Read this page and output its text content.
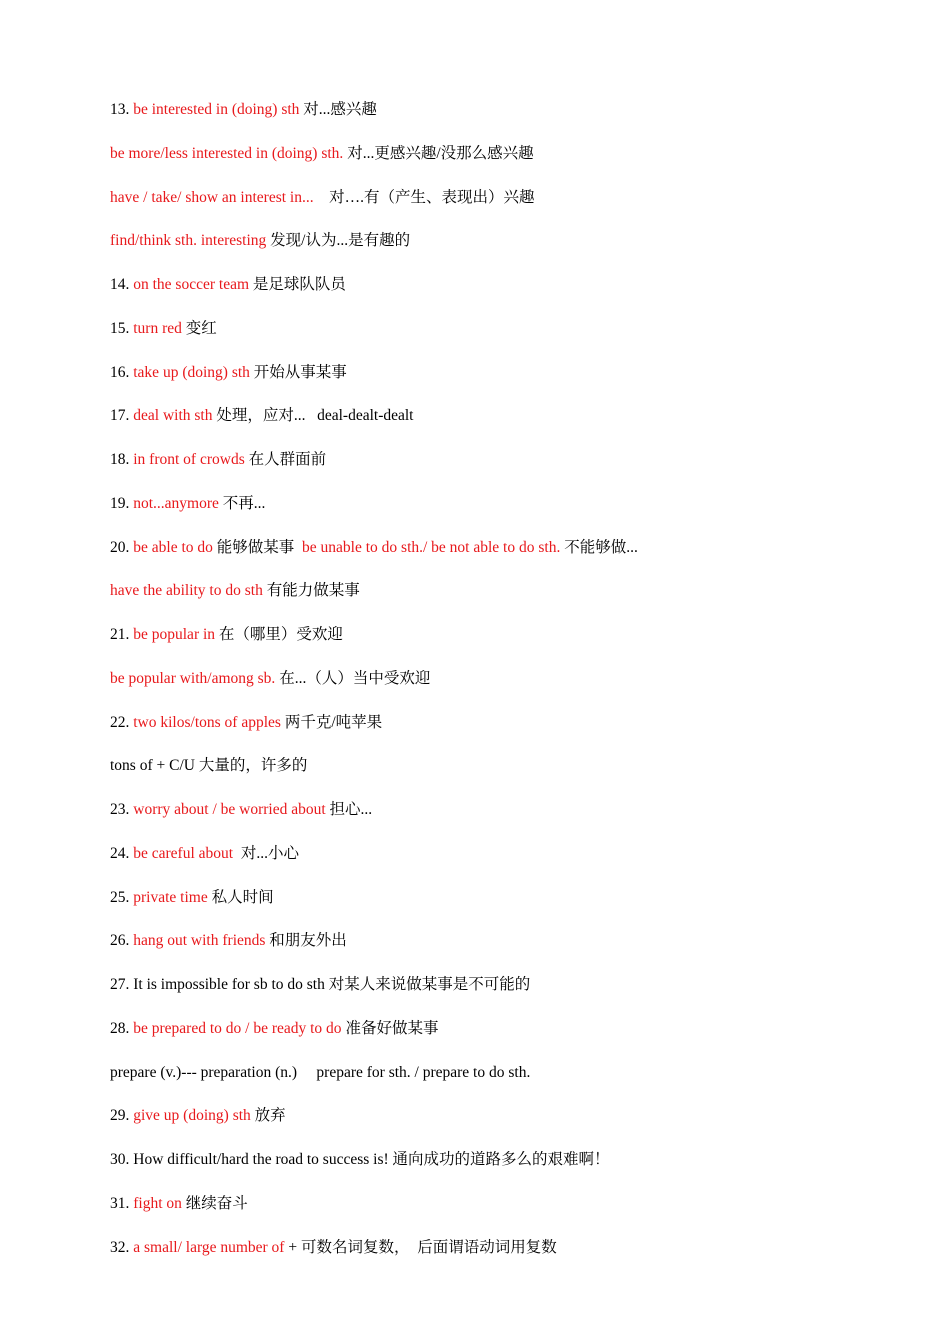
13. be interested in (doing) sth 对...感兴趣
be more/less interested in (doing) sth. 对...更感兴趣/没那么感兴趣
have / take/ show an interest in...    对….有（产生、表现出）兴趣
find/think sth. interesting 发现/认为...是有趣的
14. on the soccer team 是足球队队员
15. turn red 变红
16. take up (doing) sth 开始从事某事
17. deal with sth 处理，应对...   deal-dealt-dealt
18. in front of crowds 在人群面前
19. not...anymore 不再...
20. be able to do 能够做某事  be unable to do sth./ be not able to do sth. 不能够做...
have the ability to do sth 有能力做某事
21. be popular in 在（哪里）受欢迎
be popular with/among sb. 在...（人）当中受欢迎
22. two kilos/tons of apples 两千克/吨苹果
tons of + C/U 大量的，许多的
23. worry about / be worried about 担心...
24. be careful about  对...小心
25. private time 私人时间
26. hang out with friends 和朋友外出
27. It is impossible for sb to do sth 对某人来说做某事是不可能的
28. be prepared to do / be ready to do 准备好做某事
prepare (v.)--- preparation (n.)     prepare for sth. / prepare to do sth.
29. give up (doing) sth 放弃
30. How difficult/hard the road to success is! 通向成功的道路多么的艰难啊！
31. fight on 继续奋斗
32. a small/ large number of + 可数名词复数，  后面谓语动词用复数
